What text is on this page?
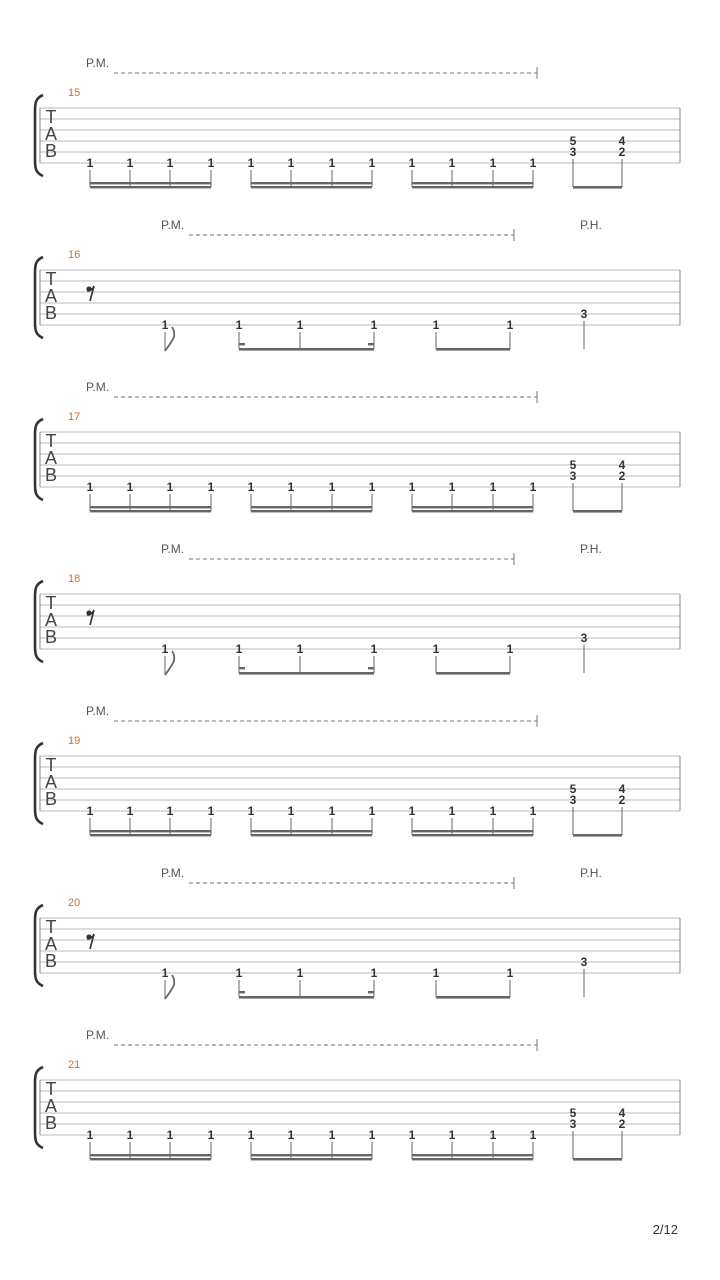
T
A
B
15
P.M.
1	1	1	1	1	1	1	1	1	1	1	1
5
3
4
2
T
A
B
16
P.M.	P.H.
1	1	1	1	1	1
3
T
A
B
17
P.M.
1	1	1	1	1	1	1	1	1	1	1	1
5
3
4
2
T
A
B
18
P.M.	P.H.
1	1	1	1	1	1
3
T
A
B
19
P.M.
1	1	1	1	1	1	1	1	1	1	1	1
5
3
4
2
T
A
B
20
P.M.	P.H.
1	1	1	1	1	1
3
T
A
B
21
P.M.
1	1	1	1	1	1	1	1	1	1	1	1
5
3
4
2
2/12
